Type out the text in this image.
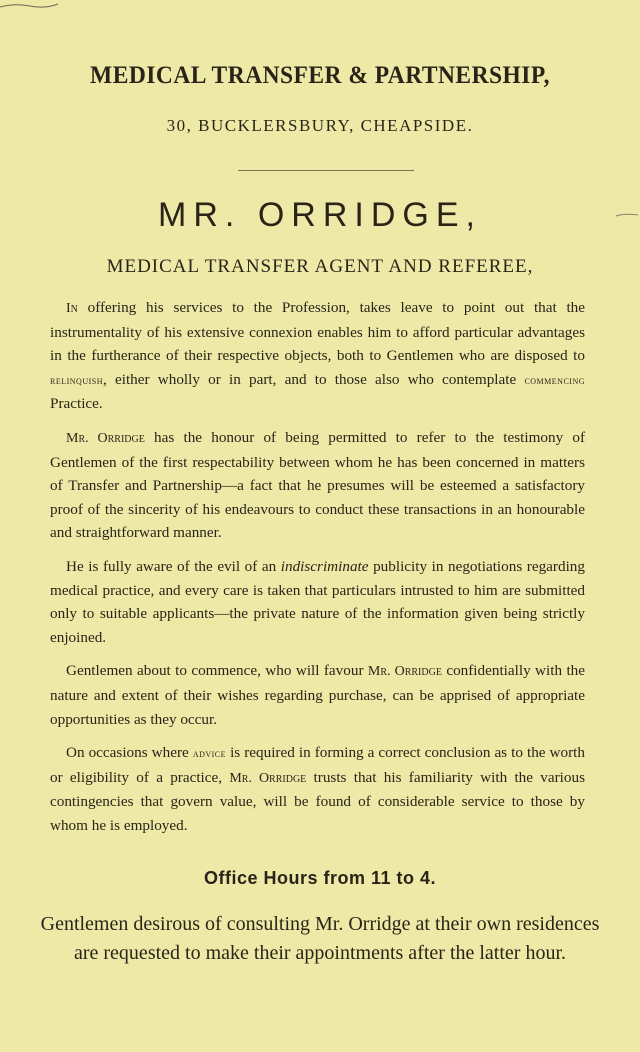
MEDICAL TRANSFER & PARTNERSHIP,
30, BUCKLERSBURY, CHEAPSIDE.
MR. ORRIDGE,
MEDICAL TRANSFER AGENT AND REFEREE,

In offering his services to the Profession, takes leave to point out that the instrumentality of his extensive connexion enables him to afford particular advantages in the furtherance of their respective objects, both to Gentlemen who are disposed to relinquish, either wholly or in part, and to those also who contemplate commencing Practice.

Mr. Orridge has the honour of being permitted to refer to the testimony of Gentlemen of the first respectability between whom he has been concerned in matters of Transfer and Partnership—a fact that he presumes will be esteemed a satisfactory proof of the sincerity of his endeavours to conduct these transactions in an honourable and straightforward manner.

He is fully aware of the evil of an indiscriminate publicity in negotiations regarding medical practice, and every care is taken that particulars intrusted to him are submitted only to suitable applicants—the private nature of the information given being strictly enjoined.

Gentlemen about to commence, who will favour Mr. Orridge confidentially with the nature and extent of their wishes regarding purchase, can be apprised of appropriate opportunities as they occur.

On occasions where advice is required in forming a correct conclusion as to the worth or eligibility of a practice, Mr. Orridge trusts that his familiarity with the various contingencies that govern value, will be found of considerable service to those by whom he is employed.

Office Hours from 11 to 4.
Gentlemen desirous of consulting Mr. Orridge at their own residences are requested to make their appointments after the latter hour.
